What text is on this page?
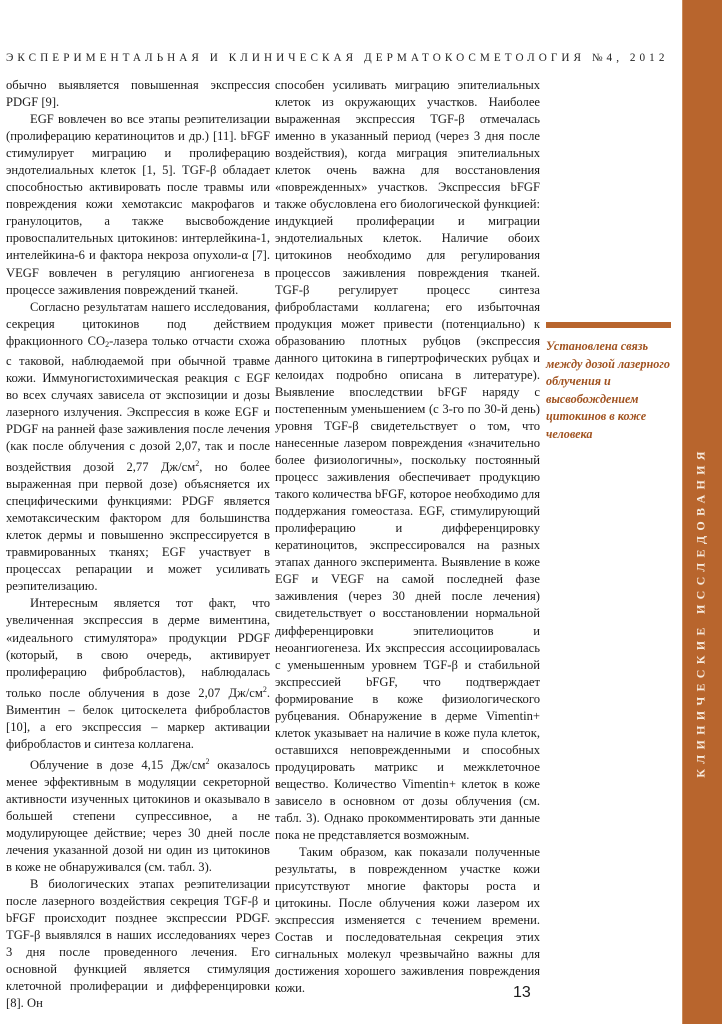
ЭКСПЕРИМЕНТАЛЬНАЯ И КЛИНИЧЕСКАЯ ДЕРМАТОКОСМЕТОЛОГИЯ №4, 2012

обычно выявляется повышенная экспрессия PDGF [9].

EGF вовлечен во все этапы реэпителизации (пролиферацию кератиноцитов и др.) [11]. bFGF стимулирует миграцию и пролиферацию эндотелиальных клеток [1, 5]. TGF-β обладает способностью активировать после травмы или повреждения кожи хемотаксис макрофагов и гранулоцитов, а также высвобождение провоспалительных цитокинов: интерлейкина-1, интелейкина-6 и фактора некроза опухоли-α [7]. VEGF вовлечен в регуляцию ангиогенеза в процессе заживления повреждений тканей.

Согласно результатам нашего исследования, секреция цитокинов под действием фракционного $CO_2$-лазера только отчасти схожа с таковой, наблюдаемой при обычной травме кожи. Иммуногистохимическая реакция с EGF во всех случаях зависела от экспозиции и дозы лазерного излучения. Экспрессия в коже EGF и PDGF на ранней фазе заживления после лечения (как после облучения с дозой 2,07, так и после воздействия дозой 2,77 $Дж/см^2$, но более выраженная при первой дозе) объясняется их специфическими функциями: PDGF является хемотаксическим фактором для большинства клеток дермы и повышенно экспрессируется в травмированных тканях; EGF участвует в процессах репарации и может усиливать реэпителизацию.

Интересным является тот факт, что увеличенная экспрессия в дерме виментина, «идеального стимулятора» продукции PDGF (который, в свою очередь, активирует пролиферацию фибробластов), наблюдалась только после облучения в дозе 2,07 $Дж/см^2$. Виментин – белок цитоскелета фибробластов [10], а его экспрессия – маркер активации фибробластов и синтеза коллагена.

Облучение в дозе 4,15 $Дж/см^2$ оказалось менее эффективным в модуляции секреторной активности изученных цитокинов и оказывало в большей степени супрессивное, а не модулирующее действие; через 30 дней после лечения указанной дозой ни один из цитокинов в коже не обнаруживался (см. табл. 3).

В биологических этапах реэпителизации после лазерного воздействия секреция TGF-β и bFGF происходит позднее экспрессии PDGF. TGF-β выявлялся в наших исследованиях через 3 дня после проведенного лечения. Его основной функцией является стимуляция клеточной пролиферации и дифференцировки [8]. Он

способен усиливать миграцию эпителиальных клеток из окружающих участков. Наиболее выраженная экспрессия TGF-β отмечалась именно в указанный период (через 3 дня после воздействия), когда миграция эпителиальных клеток очень важна для восстановления «поврежденных» участков. Экспрессия bFGF также обусловлена его биологической функцией: индукцией пролиферации и миграции эндотелиальных клеток. Наличие обоих цитокинов необходимо для регулирования процессов заживления повреждения тканей. TGF-β регулирует процесс синтеза фибробластами коллагена; его избыточная продукция может привести (потенциально) к образованию плотных рубцов (экспрессия данного цитокина в гипертрофических рубцах и келоидах подробно описана в литературе). Выявление впоследствии bFGF наряду с постепенным уменьшением (с 3-го по 30-й день) уровня TGF-β свидетельствует о том, что нанесенные лазером повреждения «значительно более физиологичны», поскольку постоянный процесс заживления обеспечивает продукцию такого количества bFGF, которое необходимо для поддержания гомеостаза. EGF, стимулирующий пролиферацию и дифференцировку кератиноцитов, экспрессировался на разных этапах данного эксперимента. Выявление в коже EGF и VEGF на самой последней фазе заживления (через 30 дней после лечения) свидетельствует о восстановлении нормальной дифференцировки эпителиоцитов и неоангиогенеза. Их экспрессия ассоциировалась с уменьшенным уровнем TGF-β и стабильной экспрессией bFGF, что подтверждает формирование в коже физиологического рубцевания. Обнаружение в дерме Vimentin+ клеток указывает на наличие в коже пула клеток, оставшихся неповрежденными и способных продуцировать матрикс и межклеточное вещество. Количество Vimentin+ клеток в коже зависело в основном от дозы облучения (см. табл. 3). Однако прокомментировать эти данные пока не представляется возможным.

Таким образом, как показали полученные результаты, в поврежденном участке кожи присутствуют многие факторы роста и цитокины. После облучения кожи лазером их экспрессия изменяется с течением времени. Состав и последовательная секреция этих сигнальных молекул чрезвычайно важны для достижения хорошего заживления повреждения кожи.

Установлена связь между дозой лазерного облучения и высвобождением цитокинов в коже человека
КЛИНИЧЕСКИЕ ИССЛЕДОВАНИЯ
13
